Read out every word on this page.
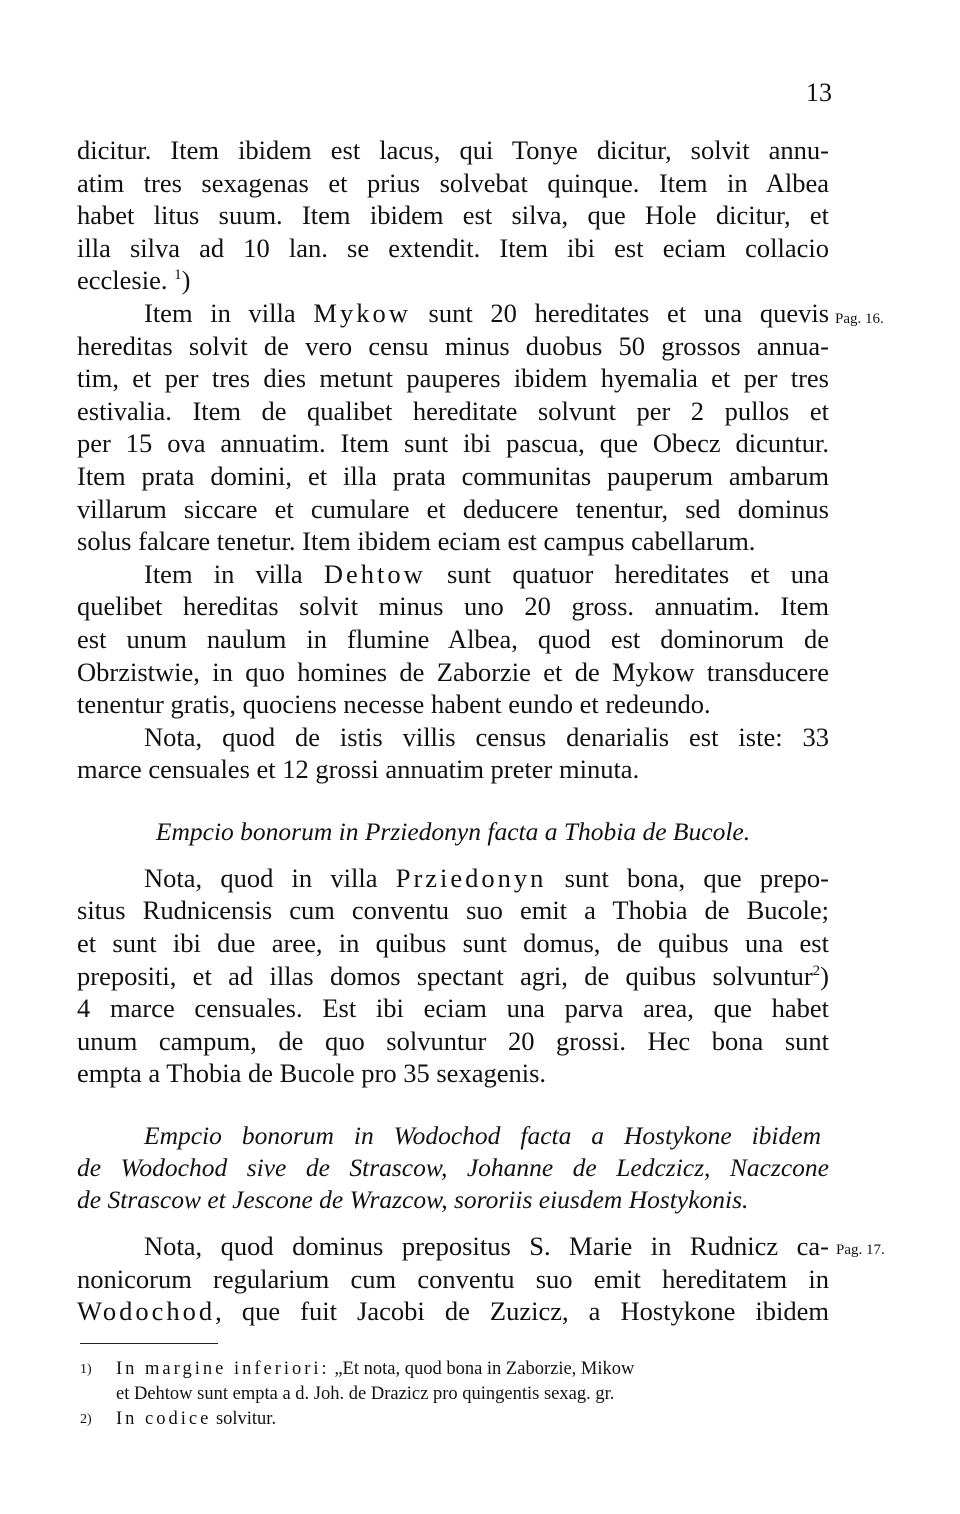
13
Pag. 16.
Pag. 17.
dicitur. Item ibidem est lacus, qui Tonye dicitur, solvit annu-
atim tres sexagenas et prius solvebat quinque. Item in Albea
habet litus suum. Item ibidem est silva, que Hole dicitur, et
illa silva ad 10 lan. se extendit. Item ibi est eciam collacio
ecclesie. $^1$)
Item in villa Mykow sunt 20 hereditates et una quevis
hereditas solvit de vero censu minus duobus 50 grossos annua-
tim, et per tres dies metunt pauperes ibidem hyemalia et per tres
estivalia. Item de qualibet hereditate solvunt per 2 pullos et
per 15 ova annuatim. Item sunt ibi pascua, que Obecz dicuntur.
Item prata domini, et illa prata communitas pauperum ambarum
villarum siccare et cumulare et deducere tenentur, sed dominus
solus falcare tenetur. Item ibidem eciam est campus cabellarum.
Item in villa Dehtow sunt quatuor hereditates et una
quelibet hereditas solvit minus uno 20 gross. annuatim. Item
est unum naulum in flumine Albea, quod est dominorum de
Obrzistwie, in quo homines de Zaborzie et de Mykow transducere
tenentur gratis, quociens necesse habent eundo et redeundo.
Nota, quod de istis villis census denarialis est iste: 33
marce censuales et 12 grossi annuatim preter minuta.
Empcio bonorum in Prziedonyn facta a Thobia de Bucole.
Nota, quod in villa Prziedonyn sunt bona, que prepo-
situs Rudnicensis cum conventu suo emit a Thobia de Bucole;
et sunt ibi due aree, in quibus sunt domus, de quibus una est
prepositi, et ad illas domos spectant agri, de quibus solvuntur$^2$)
4 marce censuales. Est ibi eciam una parva area, que habet
unum campum, de quo solvuntur 20 grossi. Hec bona sunt
empta a Thobia de Bucole pro 35 sexagenis.
Empcio bonorum in Wodochod facta a Hostykone ibidem
de Wodochod sive de Strascow, Johanne de Ledczicz, Naczcone
de Strascow et Jescone de Wrazcow, sororiis eiusdem Hostykonis.
Nota, quod dominus prepositus S. Marie in Rudnicz ca-
nonicorum regularium cum conventu suo emit hereditatem in
Wodochod, que fuit Jacobi de Zuzicz, a Hostykone ibidem
1) In margine inferiori: „Et nota, quod bona in Zaborzie, Mikow
et Dehtow sunt empta a d. Joh. de Drazicz pro quingentis sexag. gr.
2) In codice solvitur.
